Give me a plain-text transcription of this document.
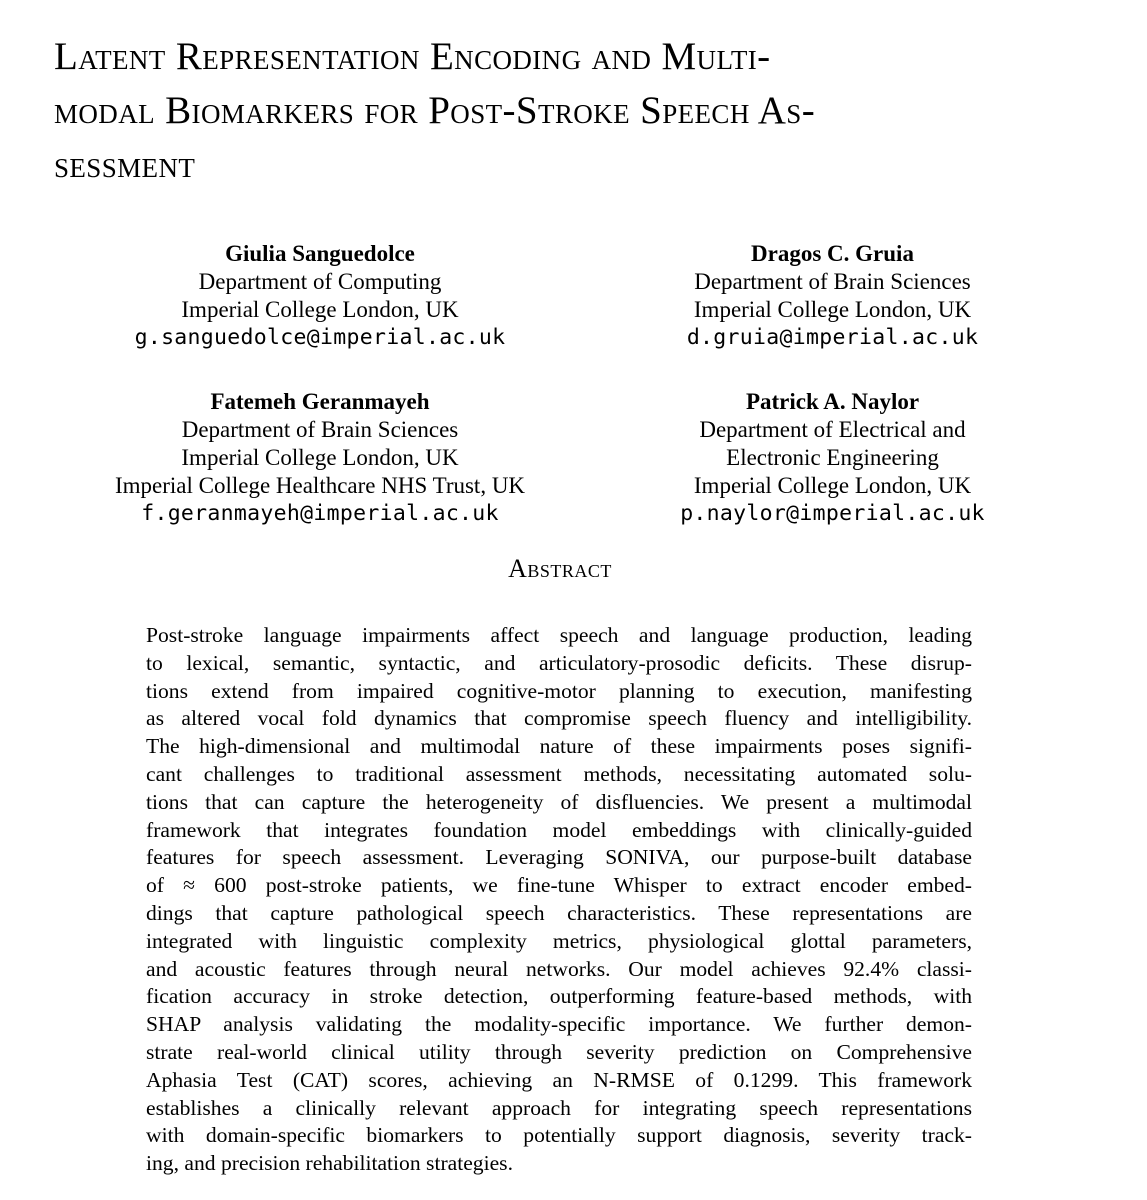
Latent Representation Encoding and Multi-
modal Biomarkers for Post-Stroke Speech As-
sessment
Giulia Sanguedolce
Department of Computing
Imperial College London, UK
g.sanguedolce@imperial.ac.uk
Dragos C. Gruia
Department of Brain Sciences
Imperial College London, UK
d.gruia@imperial.ac.uk
Fatemeh Geranmayeh
Department of Brain Sciences
Imperial College London, UK
Imperial College Healthcare NHS Trust, UK
f.geranmayeh@imperial.ac.uk
Patrick A. Naylor
Department of Electrical and
Electronic Engineering
Imperial College London, UK
p.naylor@imperial.ac.uk
Abstract
Post-stroke language impairments affect speech and language production, leading
to lexical, semantic, syntactic, and articulatory-prosodic deficits. These disrup-
tions extend from impaired cognitive-motor planning to execution, manifesting
as altered vocal fold dynamics that compromise speech fluency and intelligibility.
The high-dimensional and multimodal nature of these impairments poses signifi-
cant challenges to traditional assessment methods, necessitating automated solu-
tions that can capture the heterogeneity of disfluencies. We present a multimodal
framework that integrates foundation model embeddings with clinically-guided
features for speech assessment. Leveraging SONIVA, our purpose-built database
of ≈ 600 post-stroke patients, we fine-tune Whisper to extract encoder embed-
dings that capture pathological speech characteristics. These representations are
integrated with linguistic complexity metrics, physiological glottal parameters,
and acoustic features through neural networks. Our model achieves 92.4% classi-
fication accuracy in stroke detection, outperforming feature-based methods, with
SHAP analysis validating the modality-specific importance. We further demon-
strate real-world clinical utility through severity prediction on Comprehensive
Aphasia Test (CAT) scores, achieving an N-RMSE of 0.1299. This framework
establishes a clinically relevant approach for integrating speech representations
with domain-specific biomarkers to potentially support diagnosis, severity track-
ing, and precision rehabilitation strategies.
